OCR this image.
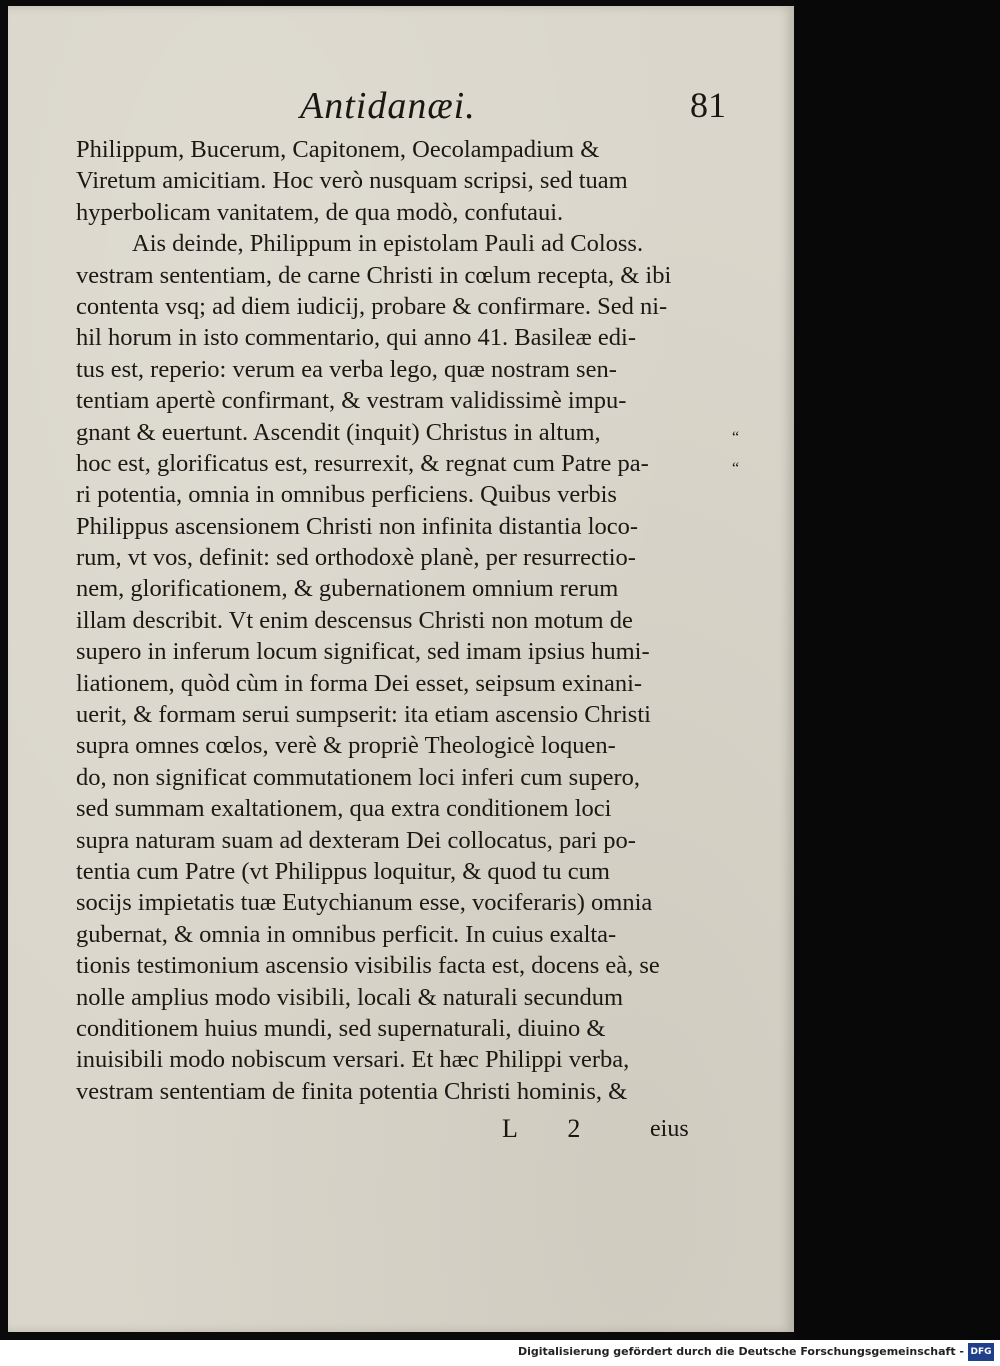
Antidanæi.	81
Philippum, Bucerum, Capitonem, Oecolampadium &
Viretum amicitiam. Hoc verò nusquam scripsi, sed tuam
hyperbolicam vanitatem, de qua modò, confutaui.
Ais deinde, Philippum in epistolam Pauli ad Coloss.
vestram sententiam, de carne Christi in cœlum recepta, & ibi
contenta vsq; ad diem iudicij, probare & confirmare. Sed ni-
hil horum in isto commentario, qui anno 41. Basileæ edi-
tus est, reperio: verum ea verba lego, quæ nostram sen-
tentiam apertè confirmant, & vestram validissimè impu-
gnant & euertunt. Ascendit (inquit) Christus in altum,
hoc est, glorificatus est, resurrexit, & regnat cum Patre pa-
ri potentia, omnia in omnibus perficiens. Quibus verbis
Philippus ascensionem Christi non infinita distantia loco-
rum, vt vos, definit: sed orthodoxè planè, per resurrectio-
nem, glorificationem, & gubernationem omnium rerum
illam describit. Vt enim descensus Christi non motum de
supero in inferum locum significat, sed imam ipsius humi-
liationem, quòd cùm in forma Dei esset, seipsum exinani-
uerit, & formam serui sumpserit: ita etiam ascensio Christi
supra omnes cœlos, verè & propriè Theologicè loquen-
do, non significat commutationem loci inferi cum supero,
sed summam exaltationem, qua extra conditionem loci
supra naturam suam ad dexteram Dei collocatus, pari po-
tentia cum Patre (vt Philippus loquitur, & quod tu cum
socijs impietatis tuæ Eutychianum esse, vociferaris) omnia
gubernat, & omnia in omnibus perficit. In cuius exalta-
tionis testimonium ascensio visibilis facta est, docens eà, se
nolle amplius modo visibili, locali & naturali secundum
conditionem huius mundi, sed supernaturali, diuino &
inuisibili modo nobiscum versari. Et hæc Philippi verba,
vestram sententiam de finita potentia Christi hominis, &
“
“
L 2 eius
Digitalisierung gefördert durch die Deutsche Forschungsgemeinschaft - DFG
